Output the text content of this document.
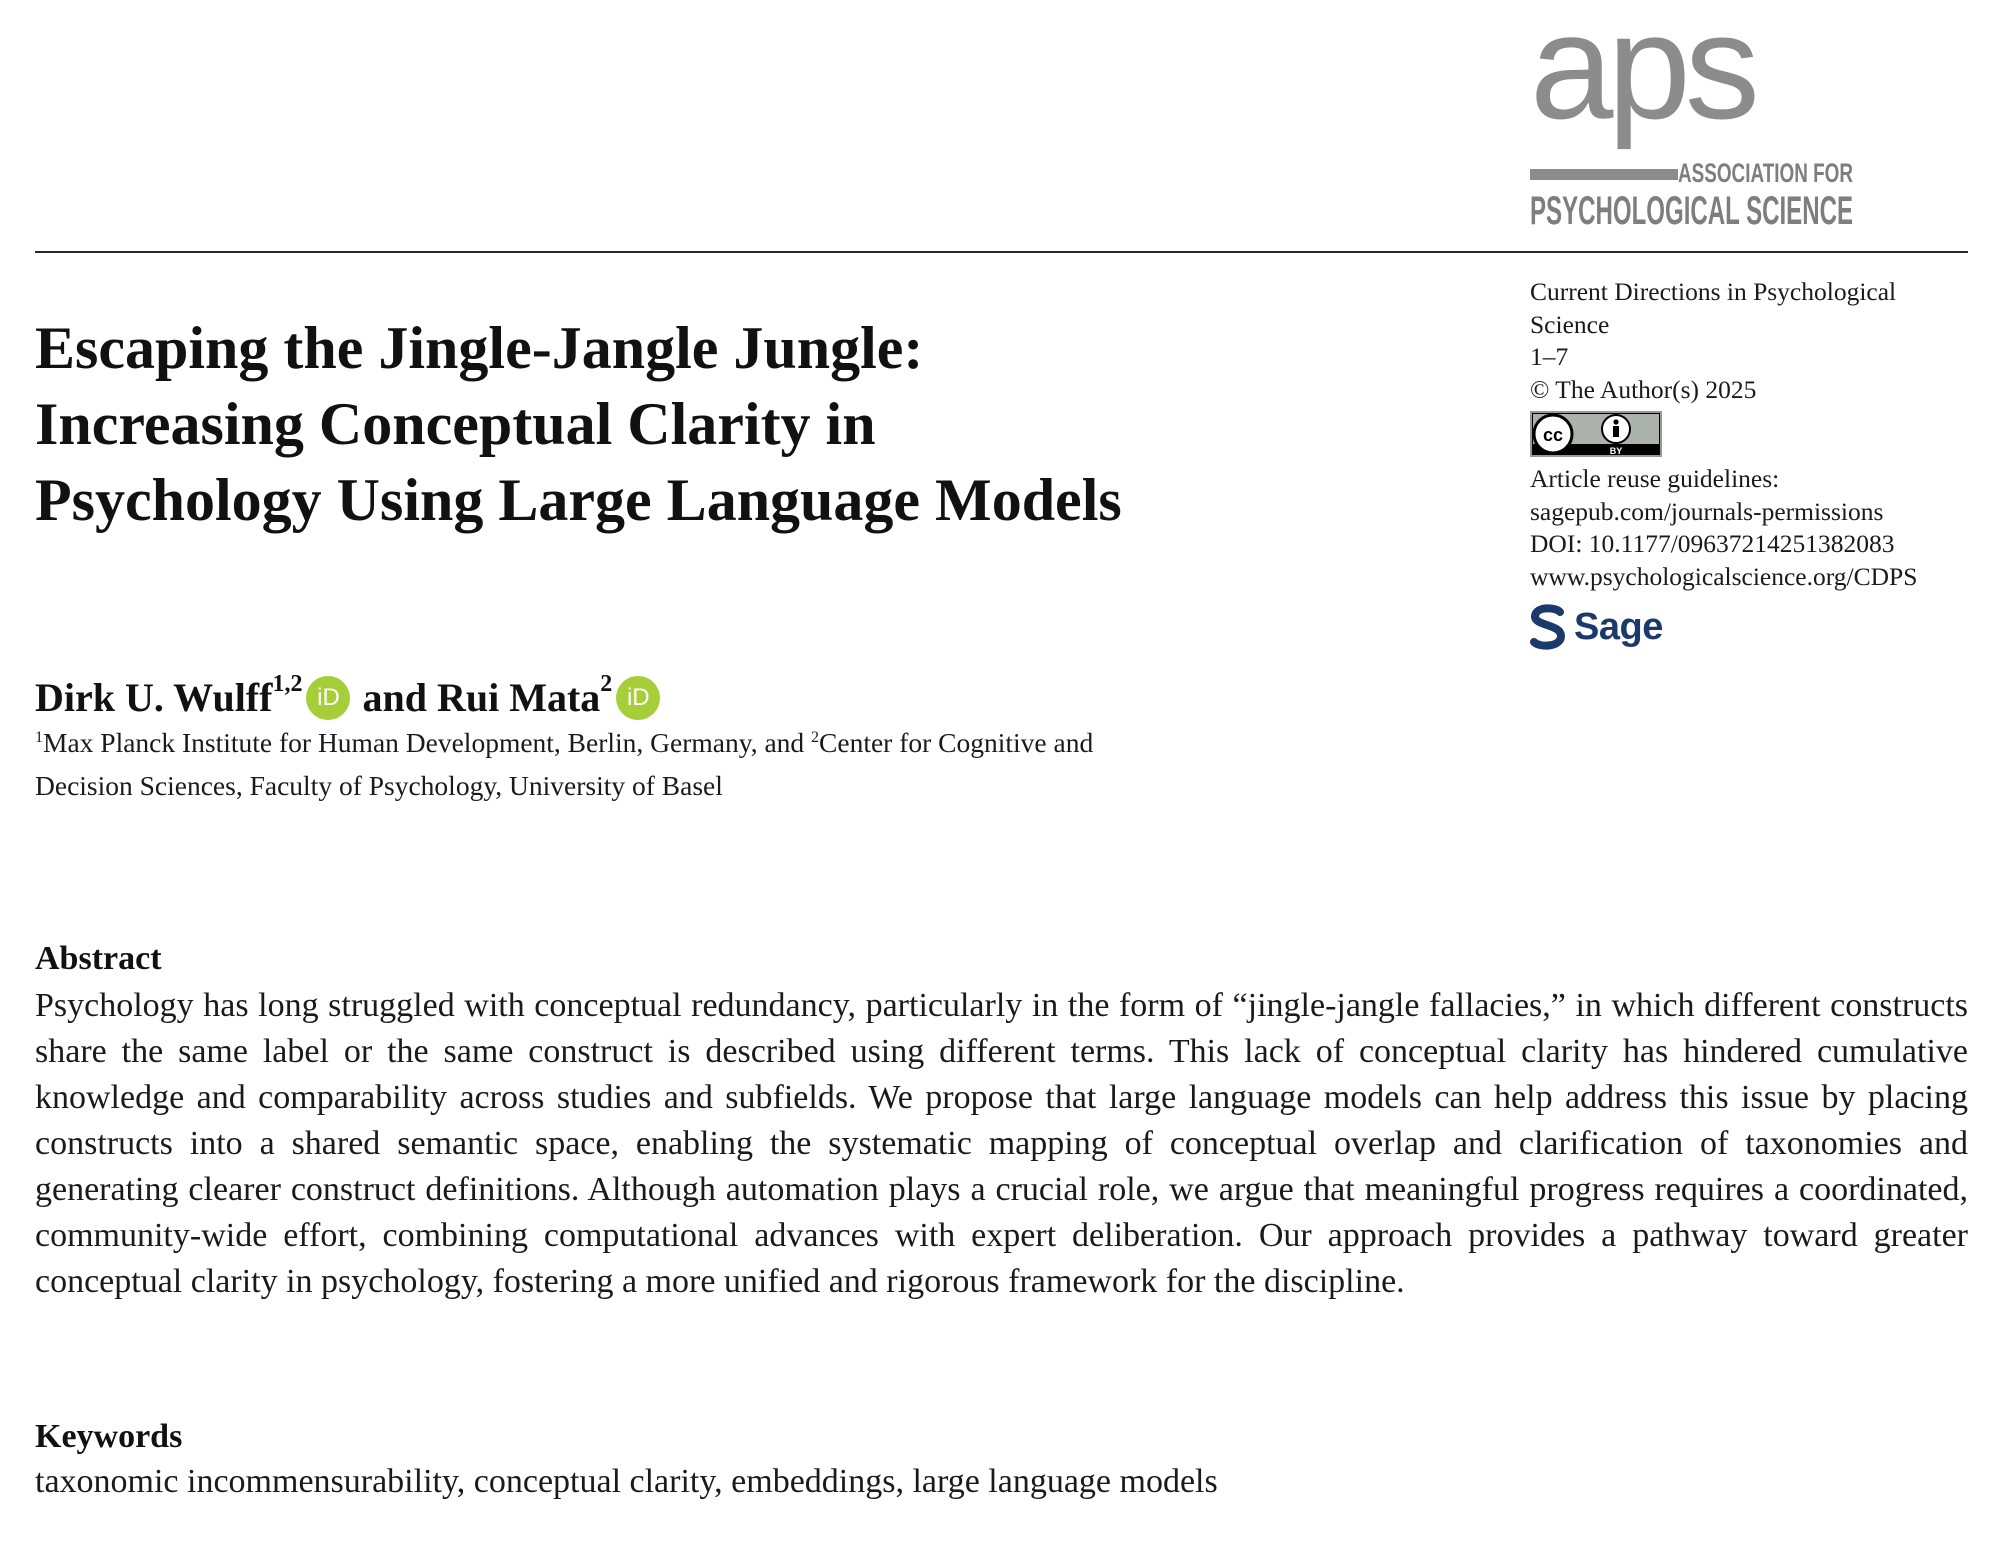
aps
ASSOCIATION FOR
PSYCHOLOGICAL SCIENCE
Current Directions in Psychological
Science
1–7
© The Author(s) 2025
cc
BY
Article reuse guidelines:
sagepub.com/journals-permissions
DOI: 10.1177/09637214251382083
www.psychologicalscience.org/CDPS
Sage
Escaping the Jingle-Jangle Jungle:
Increasing Conceptual Clarity in
Psychology Using Large Language Models
Dirk U. Wulff$^{1,2}$ iD and
Rui Mata$^2$ iD
$^1$Max Planck Institute for Human Development, Berlin, Germany, and $^2$Center for Cognitive and
Decision Sciences, Faculty of Psychology, University of Basel
Abstract

Psychology has long struggled with conceptual redundancy, particularly in the form of “jingle-jangle fallacies,” in which different constructs share the same label or the same construct is described using different terms. This lack of conceptual clarity has hindered cumulative knowledge and comparability across studies and subfields. We propose that large language models can help address this issue by placing constructs into a shared semantic space, enabling the systematic mapping of conceptual overlap and clarification of taxonomies and generating clearer construct definitions. Although automation plays a crucial role, we argue that meaningful progress requires a coordinated, community-wide effort, combining computational advances with expert deliberation. Our approach provides a pathway toward greater conceptual clarity in psychology, fostering a more unified and rigorous framework for the discipline.

Keywords
taxonomic incommensurability, conceptual clarity, embeddings, large language models
